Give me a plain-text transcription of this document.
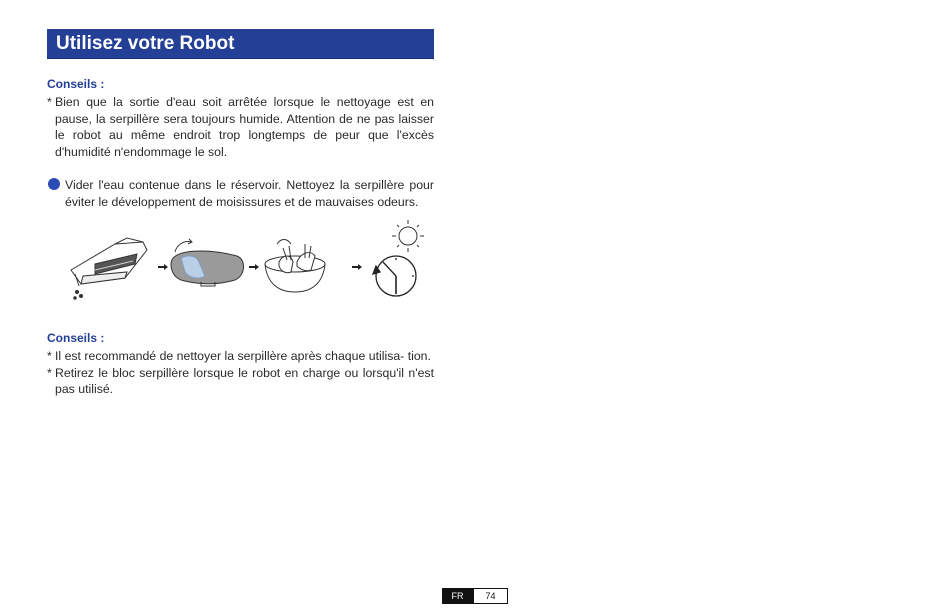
Utilisez votre Robot
Conseils :
* Bien que la sortie d'eau soit arrêtée lorsque le nettoyage est en pause, la serpillère sera toujours humide. Attention de ne pas laisser le robot au même endroit trop longtemps de peur que l'excès d'humidité n'endommage le sol.
Vider l'eau contenue dans le réservoir. Nettoyez la serpillère pour éviter le développement de moisissures et de mauvaises odeurs.
Conseils :
* Il est recommandé de nettoyer la serpillère après chaque utilisa- tion.
* Retirez le bloc serpillère lorsque le robot en charge ou lorsqu'il n'est pas utilisé.
FR	74
